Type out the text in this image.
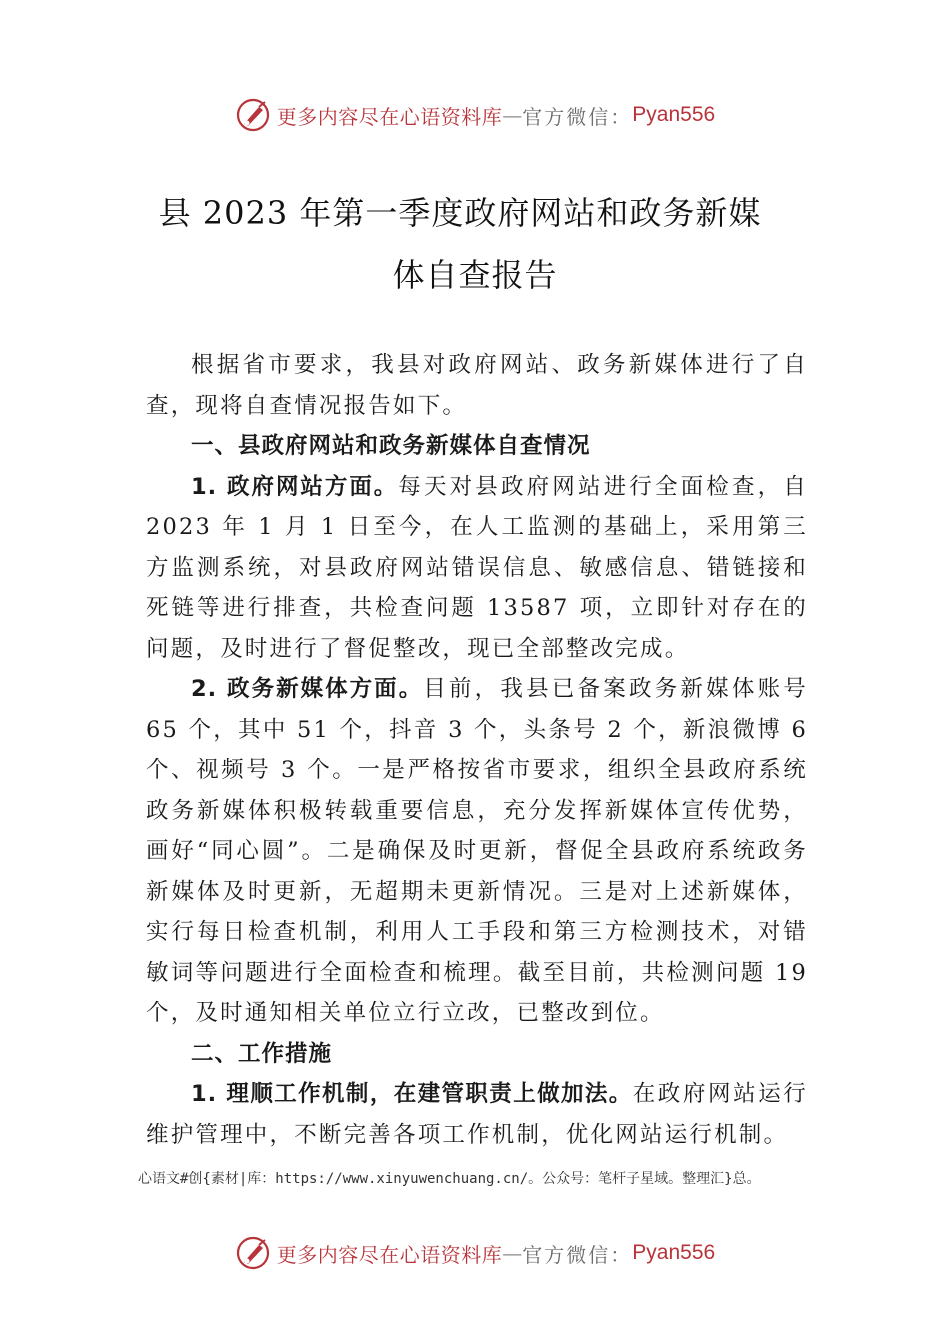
更多内容尽在心语资料库 — 官方微信： Pyan556
县 2023 年第一季度政府网站和政务新媒
体自查报告

根据省市要求，我县对政府网站、政务新媒体进行了自查，现将自查情况报告如下。

一、县政府网站和政务新媒体自查情况

1. 政府网站方面。每天对县政府网站进行全面检查，自 2023 年 1 月 1 日至今，在人工监测的基础上，采用第三方监测系统，对县政府网站错误信息、敏感信息、错链接和死链等进行排查，共检查问题 13587 项，立即针对存在的问题，及时进行了督促整改，现已全部整改完成。

2. 政务新媒体方面。目前，我县已备案政务新媒体账号 65 个，其中 51 个，抖音 3 个，头条号 2 个，新浪微博 6 个、视频号 3 个。一是严格按省市要求，组织全县政府系统政务新媒体积极转载重要信息，充分发挥新媒体宣传优势，画好“同心圆”。二是确保及时更新，督促全县政府系统政务新媒体及时更新，无超期未更新情况。三是对上述新媒体，实行每日检查机制，利用人工手段和第三方检测技术，对错敏词等问题进行全面检查和梳理。截至目前，共检测问题 19 个，及时通知相关单位立行立改，已整改到位。

二、工作措施

1. 理顺工作机制，在建管职责上做加法。在政府网站运行维护管理中，不断完善各项工作机制，优化网站运行机制。

心语文#创{素材|库：https://www.xinyuwenchuang.cn/。公众号：笔杆子星域。整理汇}总。
更多内容尽在心语资料库 — 官方微信： Pyan556
